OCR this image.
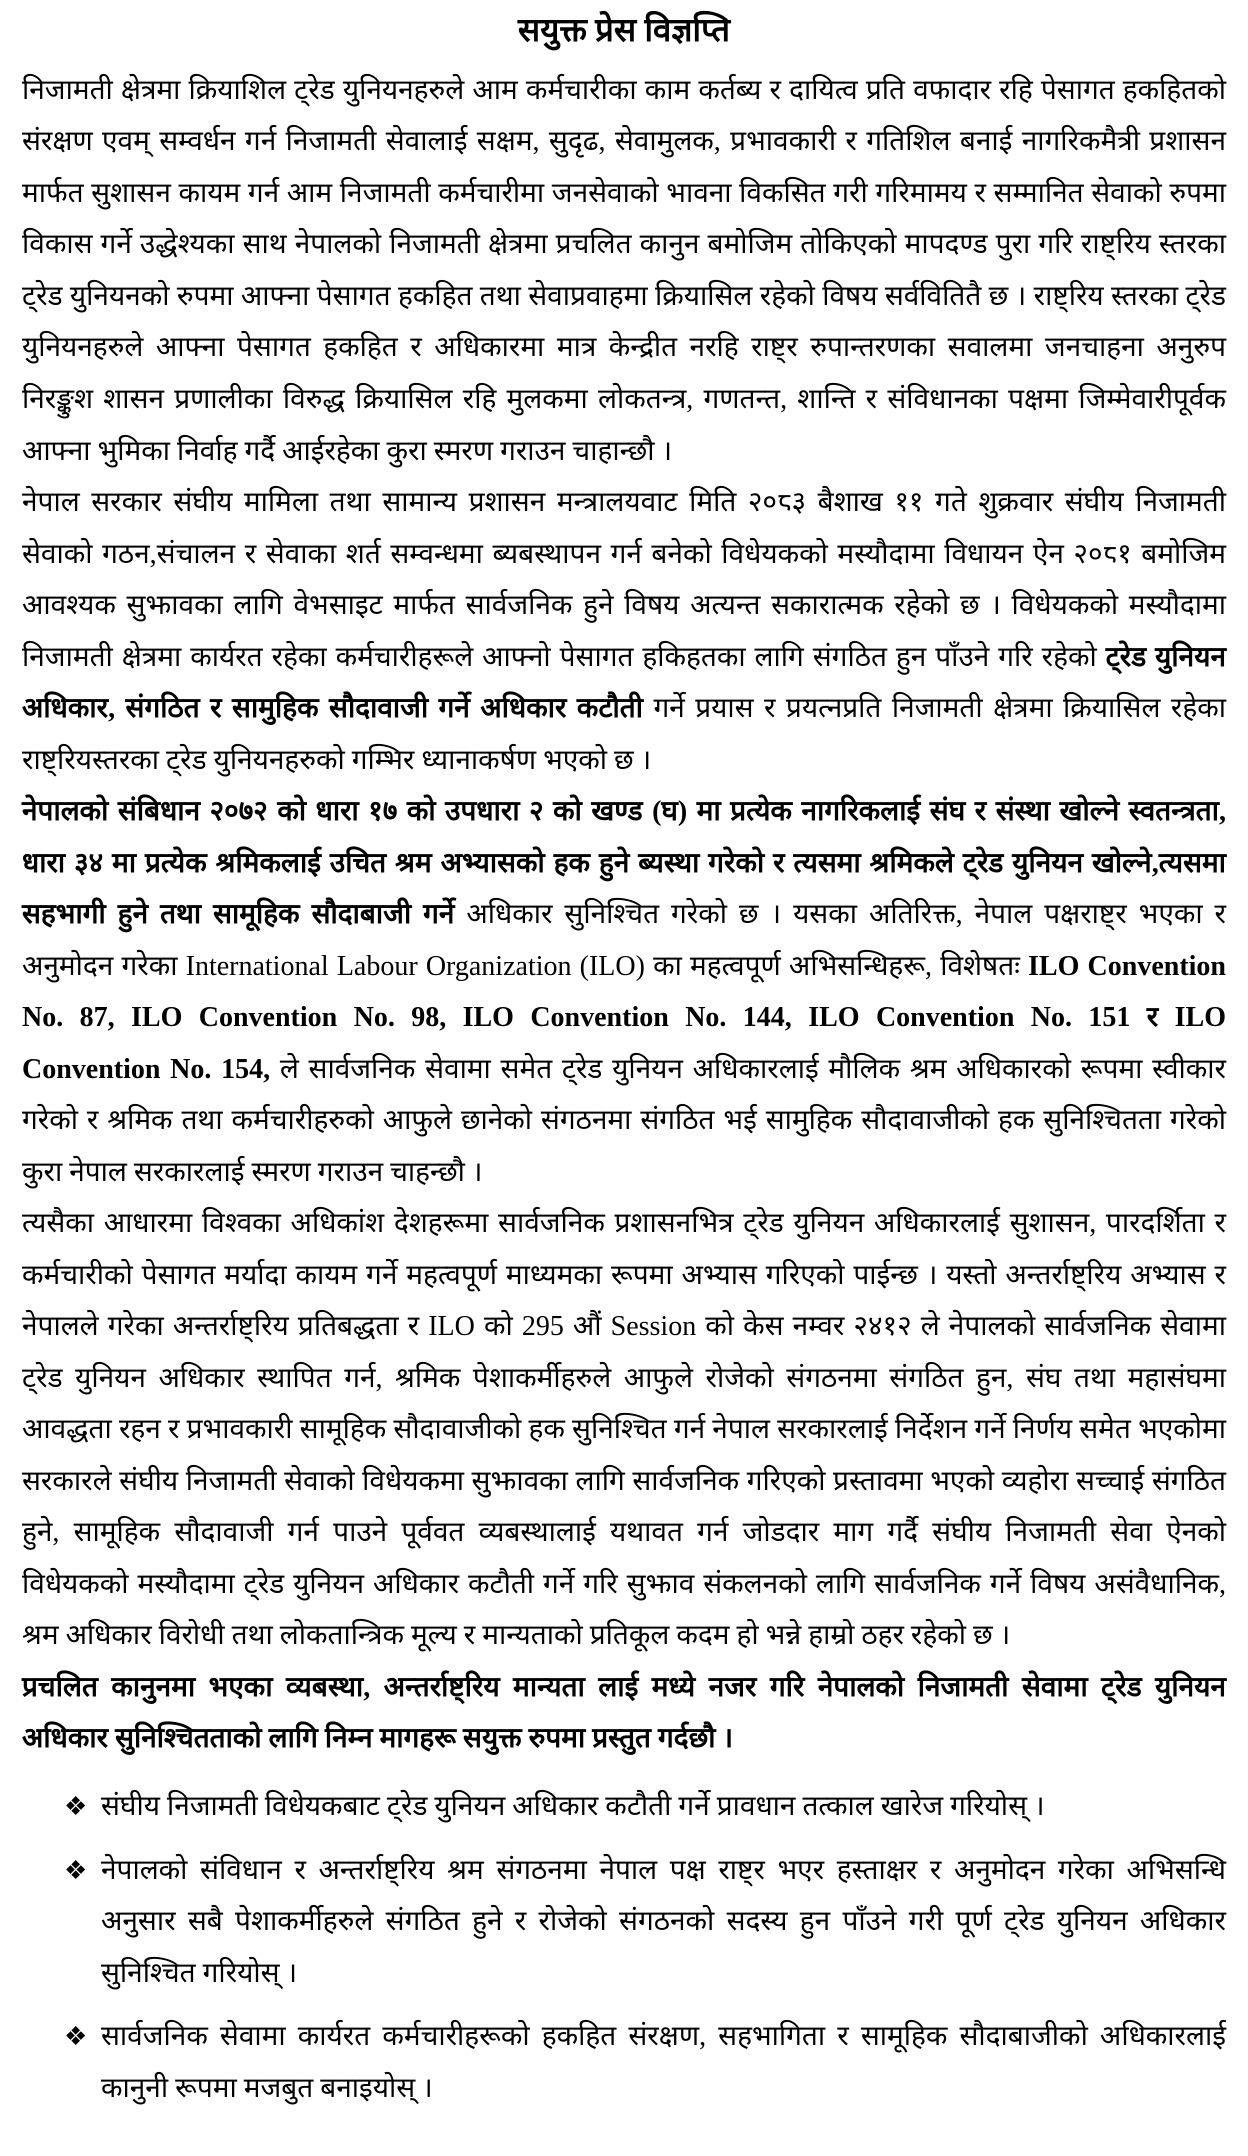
सयुक्त प्रेस विज्ञप्ति

निजामती क्षेत्रमा क्रियाशिल ट्रेड युनियनहरुले आम कर्मचारीका काम कर्तब्य र दायित्व प्रति वफादार रहि पेसागत हकहितको संरक्षण एवम् सम्वर्धन गर्न निजामती सेवालाई सक्षम, सुदृढ, सेवामुलक, प्रभावकारी र गतिशिल बनाई नागरिकमैत्री प्रशासन मार्फत सुशासन कायम गर्न आम निजामती कर्मचारीमा जनसेवाको भावना विकसित गरी गरिमामय र सम्मानित सेवाको रुपमा विकास गर्ने उद्धेश्यका साथ नेपालको निजामती क्षेत्रमा प्रचलित कानुन बमोजिम तोकिएको मापदण्ड पुरा गरि राष्ट्रिय स्तरका ट्रेड युनियनको रुपमा आफ्ना पेसागत हकहित तथा सेवाप्रवाहमा क्रियासिल रहेको विषय सर्ववितितै छ । राष्ट्रिय स्तरका ट्रेड युनियनहरुले आफ्ना पेसागत हकहित र अधिकारमा मात्र केन्द्रीत नरहि राष्ट्र रुपान्तरणका सवालमा जनचाहना अनुरुप निरङ्कुश शासन प्रणालीका विरुद्ध क्रियासिल रहि मुलकमा लोकतन्त्र, गणतन्त, शान्ति र संविधानका पक्षमा जिम्मेवारीपूर्वक आफ्ना भुमिका निर्वाह गर्दै आईरहेका कुरा स्मरण गराउन चाहान्छौ ।

नेपाल सरकार संघीय मामिला तथा सामान्य प्रशासन मन्त्रालयवाट मिति २०८३ बैशाख ११ गते शुक्रवार संघीय निजामती सेवाको गठन,संचालन र सेवाका शर्त सम्वन्धमा ब्यबस्थापन गर्न बनेको विधेयकको मस्यौदामा विधायन ऐन २०८१ बमोजिम आवश्यक सुझावका लागि वेभसाइट मार्फत सार्वजनिक हुने विषय अत्यन्त सकारात्मक रहेको छ । विधेयकको मस्यौदामा निजामती क्षेत्रमा कार्यरत रहेका कर्मचारीहरूले आफ्नो पेसागत हकिहतका लागि संगठित हुन पाँउने गरि रहेको ट्रेड युनियन अधिकार, संगठित र सामुहिक सौदावाजी गर्ने अधिकार कटौती गर्ने प्रयास र प्रयत्नप्रति निजामती क्षेत्रमा क्रियासिल रहेका राष्ट्रियस्तरका ट्रेड युनियनहरुको गम्भिर ध्यानाकर्षण भएको छ ।

नेपालको संबिधान २०७२ को धारा १७ को उपधारा २ को खण्ड (घ) मा प्रत्येक नागरिकलाई संघ र संस्था खोल्ने स्वतन्त्रता, धारा ३४ मा प्रत्येक श्रमिकलाई उचित श्रम अभ्यासको हक हुने ब्यस्था गरेको र त्यसमा श्रमिकले ट्रेड युनियन खोल्ने,त्यसमा सहभागी हुने तथा सामूहिक सौदाबाजी गर्ने अधिकार सुनिश्चित गरेको छ । यसका अतिरिक्त, नेपाल पक्षराष्ट्र भएका र अनुमोदन गरेका International Labour Organization (ILO) का महत्वपूर्ण अभिसन्धिहरू, विशेषतः ILO Convention No. 87, ILO Convention No. 98, ILO Convention No. 144, ILO Convention No. 151 र ILO Convention No. 154, ले सार्वजनिक सेवामा समेत ट्रेड युनियन अधिकारलाई मौलिक श्रम अधिकारको रूपमा स्वीकार गरेको र श्रमिक तथा कर्मचारीहरुको आफुले छानेको संगठनमा संगठित भई सामुहिक सौदावाजीको हक सुनिश्चितता गरेको कुरा नेपाल सरकारलाई स्मरण गराउन चाहन्छौ ।

त्यसैका आधारमा विश्वका अधिकांश देशहरूमा सार्वजनिक प्रशासनभित्र ट्रेड युनियन अधिकारलाई सुशासन, पारदर्शिता र कर्मचारीको पेसागत मर्यादा कायम गर्ने महत्वपूर्ण माध्यमका रूपमा अभ्यास गरिएको पाईन्छ । यस्तो अन्तर्राष्ट्रिय अभ्यास र नेपालले गरेका अन्तर्राष्ट्रिय प्रतिबद्धता र ILO को 295 औं Session को केस नम्वर २४१२ ले नेपालको सार्वजनिक सेवामा ट्रेड युनियन अधिकार स्थापित गर्न, श्रमिक पेशाकर्मीहरुले आफुले रोजेको संगठनमा संगठित हुन, संघ तथा महासंघमा आवद्धता रहन र प्रभावकारी सामूहिक सौदावाजीको हक सुनिश्चित गर्न नेपाल सरकारलाई निर्देशन गर्ने निर्णय समेत भएकोमा सरकारले संघीय निजामती सेवाको विधेयकमा सुझावका लागि सार्वजनिक गरिएको प्रस्तावमा भएको व्यहोरा सच्चाई संगठित हुने, सामूहिक सौदावाजी गर्न पाउने पूर्ववत व्यबस्थालाई यथावत गर्न जोडदार माग गर्दै संघीय निजामती सेवा ऐनको विधेयकको मस्यौदामा ट्रेड युनियन अधिकार कटौती गर्ने गरि सुझाव संकलनको लागि सार्वजनिक गर्ने विषय असंवैधानिक, श्रम अधिकार विरोधी तथा लोकतान्त्रिक मूल्य र मान्यताको प्रतिकूल कदम हो भन्ने हाम्रो ठहर रहेको छ ।

प्रचलित कानुनमा भएका व्यबस्था, अन्तर्राष्ट्रिय मान्यता लाई मध्ये नजर गरि नेपालको निजामती सेवामा ट्रेड युनियन अधिकार सुनिश्चितताको लागि निम्न मागहरू सयुक्त रुपमा प्रस्तुत गर्दछौ ।

❖ संघीय निजामती विधेयकबाट ट्रेड युनियन अधिकार कटौती गर्ने प्रावधान तत्काल खारेज गरियोस् ।
❖ नेपालको संविधान र अन्तर्राष्ट्रिय श्रम संगठनमा नेपाल पक्ष राष्ट्र भएर हस्ताक्षर र अनुमोदन गरेका अभिसन्धि अनुसार सबै पेशाकर्मीहरुले संगठित हुने र रोजेको संगठनको सदस्य हुन पाँउने गरी पूर्ण ट्रेड युनियन अधिकार सुनिश्चित गरियोस् ।
❖ सार्वजनिक सेवामा कार्यरत कर्मचारीहरूको हकहित संरक्षण, सहभागिता र सामूहिक सौदाबाजीको अधिकारलाई कानुनी रूपमा मजबुत बनाइयोस् ।
